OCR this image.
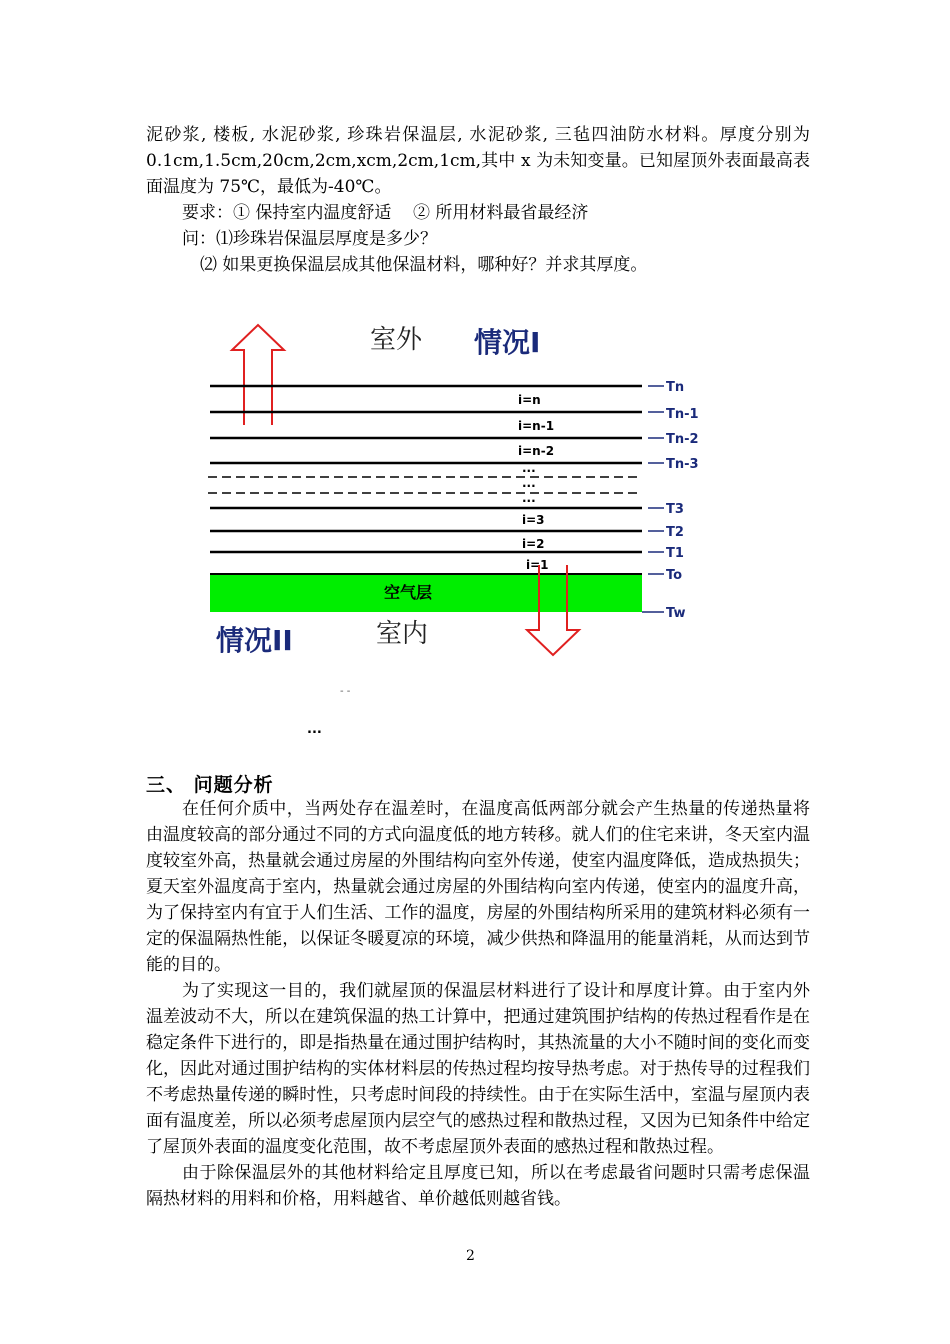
泥砂浆, 楼板, 水泥砂浆, 珍珠岩保温层, 水泥砂浆, 三毡四油防水材料。厚度分别为 0.1cm,1.5cm,20cm,2cm,xcm,2cm,1cm,其中 x 为未知变量。已知屋顶外表面最高表面温度为 75℃，最低为-40℃。

要求：① 保持室内温度舒适    ② 所用材料最省最经济
问：⑴珍珠岩保温层厚度是多少？
⑵ 如果更换保温层成其他保温材料，哪种好？并求其厚度。
室外 情况I
i=n
i=n-1
i=n-2
...
...
...
i=3
i=2
i=1
空气层
Tn
Tn-1
Tn-2
Tn-3
T3
T2
T1
To
Tw
情况II	室内
- -
...
三、 问题分析

在任何介质中，当两处存在温差时，在温度高低两部分就会产生热量的传递热量将由温度较高的部分通过不同的方式向温度低的地方转移。就人们的住宅来讲，冬天室内温度较室外高，热量就会通过房屋的外围结构向室外传递，使室内温度降低，造成热损失；夏天室外温度高于室内，热量就会通过房屋的外围结构向室内传递，使室内的温度升高，为了保持室内有宜于人们生活、工作的温度，房屋的外围结构所采用的建筑材料必须有一定的保温隔热性能，以保证冬暖夏凉的环境，减少供热和降温用的能量消耗，从而达到节能的目的。

为了实现这一目的，我们就屋顶的保温层材料进行了设计和厚度计算。由于室内外温差波动不大，所以在建筑保温的热工计算中，把通过建筑围护结构的传热过程看作是在稳定条件下进行的，即是指热量在通过围护结构时，其热流量的大小不随时间的变化而变化，因此对通过围护结构的实体材料层的传热过程均按导热考虑。对于热传导的过程我们不考虑热量传递的瞬时性，只考虑时间段的持续性。由于在实际生活中，室温与屋顶内表面有温度差，所以必须考虑屋顶内层空气的感热过程和散热过程，又因为已知条件中给定了屋顶外表面的温度变化范围，故不考虑屋顶外表面的感热过程和散热过程。

由于除保温层外的其他材料给定且厚度已知，所以在考虑最省问题时只需考虑保温隔热材料的用料和价格，用料越省、单价越低则越省钱。

2
